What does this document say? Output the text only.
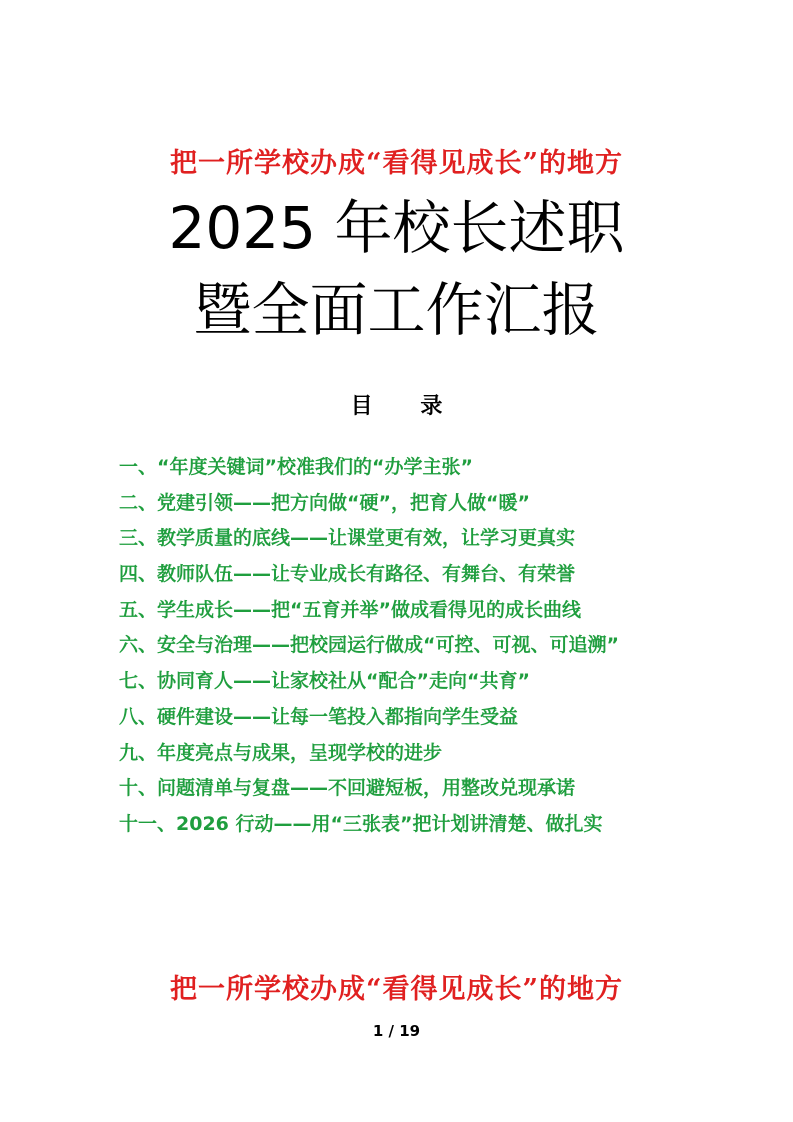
把一所学校办成“看得见成长”的地方
2025 年校长述职
暨全面工作汇报
目 录
一、“年度关键词”校准我们的“办学主张”
二、党建引领——把方向做“硬”，把育人做“暖”
三、教学质量的底线——让课堂更有效，让学习更真实
四、教师队伍——让专业成长有路径、有舞台、有荣誉
五、学生成长——把“五育并举”做成看得见的成长曲线
六、安全与治理——把校园运行做成“可控、可视、可追溯”
七、协同育人——让家校社从“配合”走向“共育”
八、硬件建设——让每一笔投入都指向学生受益
九、年度亮点与成果，呈现学校的进步
十、问题清单与复盘——不回避短板，用整改兑现承诺
十一、2026 行动——用“三张表”把计划讲清楚、做扎实
把一所学校办成“看得见成长”的地方
1 / 19
